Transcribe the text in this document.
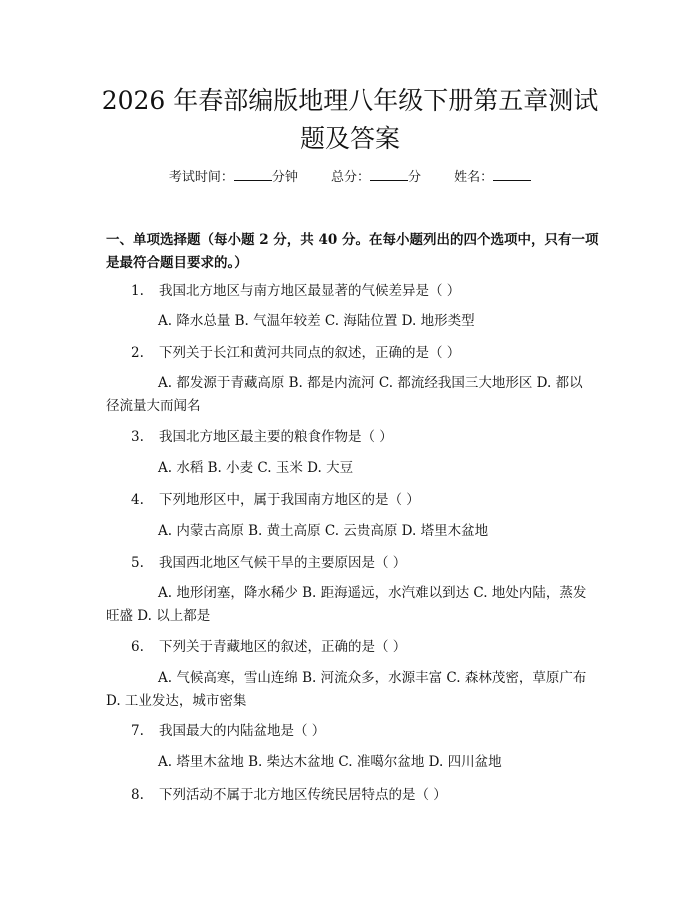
2026 年春部编版地理八年级下册第五章测试
题及答案
考试时间：	分钟	总分：	分	姓名：
一、单项选择题（每小题 2 分，共 40 分。在每小题列出的四个选项中，只有一项是最符合题目要求的。）
1. 我国北方地区与南方地区最显著的气候差异是（ ）
A. 降水总量 B. 气温年较差 C. 海陆位置 D. 地形类型
2. 下列关于长江和黄河共同点的叙述，正确的是（ ）
A. 都发源于青藏高原 B. 都是内流河 C. 都流经我国三大地形区 D. 都以径流量大而闻名
3. 我国北方地区最主要的粮食作物是（ ）
A. 水稻 B. 小麦 C. 玉米 D. 大豆
4. 下列地形区中，属于我国南方地区的是（ ）
A. 内蒙古高原 B. 黄土高原 C. 云贵高原 D. 塔里木盆地
5. 我国西北地区气候干旱的主要原因是（ ）
A. 地形闭塞，降水稀少 B. 距海遥远，水汽难以到达 C. 地处内陆，蒸发旺盛 D. 以上都是
6. 下列关于青藏地区的叙述，正确的是（ ）
A. 气候高寒，雪山连绵 B. 河流众多，水源丰富 C. 森林茂密，草原广布 D. 工业发达，城市密集
7. 我国最大的内陆盆地是（ ）
A. 塔里木盆地 B. 柴达木盆地 C. 准噶尔盆地 D. 四川盆地
8. 下列活动不属于北方地区传统民居特点的是（ ）
